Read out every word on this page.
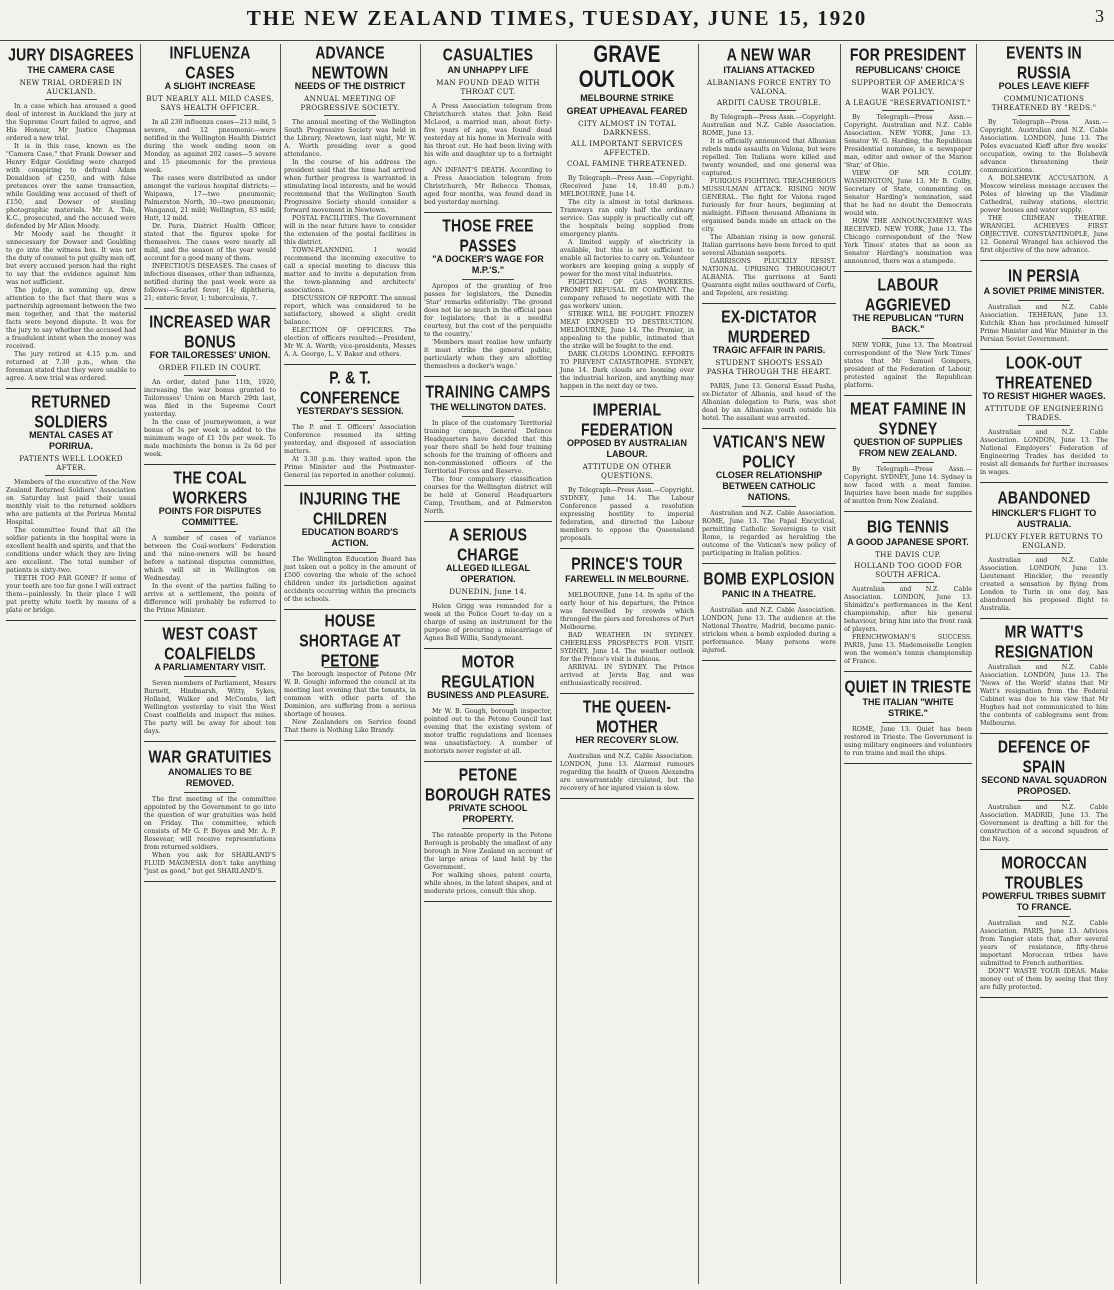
THE NEW ZEALAND TIMES, TUESDAY, JUNE 15, 1920	3
JURY DISAGREES
THE CAMERA CASE
NEW TRIAL ORDERED IN AUCKLAND.

In a case which has aroused a good deal of interest in Auckland the jury at the Supreme Court failed to agree, and His Honour, Mr Justice Chapman ordered a new trial.

It is in this case, known as the "Camera Case," that Frank Dowser and Henry Edgar Goulding were charged with conspiring to defraud Adam Donaldson of £250, and with false pretences over the same transaction, while Goulding was accused of theft of £150, and Dowser of stealing photographic materials. Mr. A. Tole, K.C., prosecuted, and the accused were defended by Mr Allen Moody.

Mr Moody said he thought it unnecessary for Dowser and Goulding to go into the witness box. It was not the duty of counsel to put guilty men off, but every accused person had the right to say that the evidence against him was not sufficient.

The judge, in summing up, drew attention to the fact that there was a partnership agreement between the two men together, and that the material facts were beyond dispute. It was for the jury to say whether the accused had a fraudulent intent when the money was received.

The jury retired at 4.15 p.m. and returned at 7.30 p.m., when the foreman stated that they were unable to agree. A new trial was ordered.

RETURNED SOLDIERS
MENTAL CASES AT PORIRUA.
PATIENTS WELL LOOKED AFTER.

Members of the executive of the New Zealand Returned Soldiers' Association on Saturday last paid their usual monthly visit to the returned soldiers who are patients at the Porirua Mental Hospital.

The committee found that all the soldier patients in the hospital were in excellent health and spirits, and that the conditions under which they are living are excellent. The total number of patients is sixty-two.

TEETH TOO FAR GONE? If some of your teeth are too far gone I will extract them—painlessly. In their place I will put pretty white teeth by means of a plate or bridge.

INFLUENZA CASES
A SLIGHT INCREASE
BUT NEARLY ALL MILD CASES, SAYS HEALTH OFFICER.

In all 230 influenza cases—213 mild, 5 severe, and 12 pneumonic—were notified in the Wellington Health District during the week ending noon on Monday, as against 202 cases—5 severe and 15 pneumonic for the previous week.

The cases were distributed as under amongst the various hospital districts:—Waipawa, 17—two pneumonic; Palmerston North, 30—two pneumonic; Wanganui, 21 mild; Wellington, 83 mild; Hutt, 12 mild.

Dr. Paris, District Health Officer, stated that the figures spoke for themselves. The cases were nearly all mild, and the season of the year would account for a good many of them.

INFECTIOUS DISEASES. The cases of infectious diseases, other than influenza, notified during the past week were as follows:—Scarlet fever, 14; diphtheria, 21; enteric fever, 1; tuberculosis, 7.

INCREASED WAR BONUS
FOR TAILORESSES' UNION.
ORDER FILED IN COURT.

An order, dated June 11th, 1920, increasing the war bonus granted to Tailoresses' Union on March 29th last, was filed in the Supreme Court yesterday.

In the case of journeywomen, a war bonus of 3s per week is added to the minimum wage of £1 10s per week. To male machinists the bonus is 2s 6d per week.

THE COAL WORKERS
POINTS FOR DISPUTES COMMITTEE.

A number of cases of variance between the Coal-workers' Federation and the mine-owners will be heard before a national disputes committee, which will sit in Wellington on Wednesday.

In the event of the parties failing to arrive at a settlement, the points of difference will probably be referred to the Prime Minister.

WEST COAST COALFIELDS
A PARLIAMENTARY VISIT.

Seven members of Parliament, Messrs Burnett, Hindmarsh, Witty, Sykes, Holland, Walker and McCombs, left Wellington yesterday to visit the West Coast coalfields and inspect the mines. The party will be away for about ten days.

WAR GRATUITIES
ANOMALIES TO BE REMOVED.

The first meeting of the committee appointed by the Government to go into the question of war gratuities was held on Friday. The committee, which consists of Mr G. P. Boyes and Mr. A. P. Rosevear, will receive representations from returned soldiers.

When you ask for SHARLAND'S FLUID MAGNESIA don't take anything "just as good," but get SHARLAND'S.

ADVANCE NEWTOWN
NEEDS OF THE DISTRICT
ANNUAL MEETING OF PROGRESSIVE SOCIETY.

The annual meeting of the Wellington South Progressive Society was held in the Library, Newtown, last night, Mr W. A. Worth presiding over a good attendance.

In the course of his address the president said that the time had arrived when further progress is warranted in stimulating local interests, and he would recommend that the Wellington South Progressive Society should consider a forward movement in Newtown.

POSTAL FACILITIES. The Government will in the near future have to consider the extension of the postal facilities in this district.

TOWN-PLANNING. I would recommend the incoming executive to call a special meeting to discuss this matter and to invite a deputation from the town-planning and architects' associations.

DISCUSSION OF REPORT. The annual report, which was considered to be satisfactory, showed a slight credit balance.

ELECTION OF OFFICERS. The election of officers resulted:—President, Mr W. A. Worth; vice-presidents, Messrs A. A. George, L. V. Baker and others.

P. & T. CONFERENCE
YESTERDAY'S SESSION.

The P. and T. Officers' Association Conference resumed its sitting yesterday, and disposed of association matters.

At 3.30 p.m. they waited upon the Prime Minister and the Postmaster-General (as reported in another column).

INJURING THE CHILDREN
EDUCATION BOARD'S ACTION.

The Wellington Education Board has just taken out a policy in the amount of £500 covering the whole of the school children under its jurisdiction against accidents occurring within the precincts of the schools.

HOUSE SHORTAGE AT PETONE

The borough inspector of Petone (Mr W. B. Gough) informed the council at its meeting last evening that the tenants, in common with other parts of the Dominion, are suffering from a serious shortage of houses.

New Zealanders on Service found That there is Nothing Like Brandy.

CASUALTIES
AN UNHAPPY LIFE
MAN FOUND DEAD WITH THROAT CUT.

A Press Association telegram from Christchurch states that John Reid McLeod, a married man, about forty-five years of age, was found dead yesterday at his home in Merivale with his throat cut. He had been living with his wife and daughter up to a fortnight ago.

AN INFANT'S DEATH. According to a Press Association telegram from Christchurch, Mr Rebecca Thomas, aged four months, was found dead in bed yesterday morning.

THOSE FREE PASSES
"A DOCKER'S WAGE FOR M.P.'S."

Apropos of the granting of free passes for legislators, the Dunedin 'Star' remarks editorially: 'The ground does not lie so much in the official pass for legislators; that is a needful courtesy, but the cost of the perquisite to the country.'

'Members must realise how unfairly it must strike the general public, particularly when they are allotting themselves a docker's wage.'

TRAINING CAMPS
THE WELLINGTON DATES.

In place of the customary Territorial training camps, General Defence Headquarters have decided that this year there shall be held four training schools for the training of officers and non-commissioned officers of the Territorial Forces and Reserve.

The four compulsory classification courses for the Wellington district will be held at General Headquarters Camp, Trentham, and at Palmerston North.

A SERIOUS CHARGE
ALLEGED ILLEGAL OPERATION.
DUNEDIN, June 14.

Helen Grigg was remanded for a week at the Police Court to-day on a charge of using an instrument for the purpose of procuring a miscarriage of Agnes Bell Willis, Sandymount.

MOTOR REGULATION
BUSINESS AND PLEASURE.

Mr W. B. Gough, borough inspector, pointed out to the Petone Council last evening that the existing system of motor traffic regulations and licenses was unsatisfactory. A number of motorists never register at all.

PETONE BOROUGH RATES
PRIVATE SCHOOL PROPERTY.

The rateable property in the Petone Borough is probably the smallest of any borough in New Zealand on account of the large areas of land held by the Government.

For walking shoes, patent courts, while shoes, in the latest shapes, and at moderate prices, consult this shop.

GRAVE OUTLOOK
MELBOURNE STRIKE
GREAT UPHEAVAL FEARED
CITY ALMOST IN TOTAL DARKNESS.
ALL IMPORTANT SERVICES AFFECTED.
COAL FAMINE THREATENED.

By Telegraph—Press Assn.—Copyright. (Received June 14, 10.40 p.m.) MELBOURNE, June 14.

The city is almost in total darkness. Tramways ran only half the ordinary service. Gas supply is practically cut off, the hospitals being supplied from emergency plants.

A limited supply of electricity is available, but this is not sufficient to enable all factories to carry on. Volunteer workers are keeping going a supply of power for the most vital industries.

FIGHTING OF GAS WORKERS. PROMPT REFUSAL BY COMPANY. The company refused to negotiate with the gas workers' union.

STRIKE WILL BE FOUGHT. FROZEN MEAT EXPOSED TO DESTRUCTION. MELBOURNE, June 14. The Premier, in appealing to the public, intimated that the strike will be fought to the end.

DARK CLOUDS LOOMING. EFFORTS TO PREVENT CATASTROPHE. SYDNEY, June 14. Dark clouds are looming over the industrial horizon, and anything may happen in the next day or two.

IMPERIAL FEDERATION
OPPOSED BY AUSTRALIAN LABOUR.
ATTITUDE ON OTHER QUESTIONS.

By Telegraph—Press Assn.—Copyright. SYDNEY, June 14. The Labour Conference passed a resolution expressing hostility to imperial federation, and directed the Labour members to oppose the Queensland proposals.

PRINCE'S TOUR
FAREWELL IN MELBOURNE.

MELBOURNE, June 14. In spite of the early hour of his departure, the Prince was farewelled by crowds which thronged the piers and foreshores of Port Melbourne.

BAD WEATHER IN SYDNEY. CHEERLESS PROSPECTS FOR VISIT. SYDNEY, June 14. The weather outlook for the Prince's visit is dubious.

ARRIVAL IN SYDNEY. The Prince arrived at Jervis Bay, and was enthusiastically received.

THE QUEEN-MOTHER
HER RECOVERY SLOW.

Australian and N.Z. Cable Association. LONDON, June 13. Alarmist rumours regarding the health of Queen Alexandra are unwarrantably circulated, but the recovery of her injured vision is slow.

A NEW WAR
ITALIANS ATTACKED
ALBANIANS FORCE ENTRY TO VALONA.
ARDITI CAUSE TROUBLE.

By Telegraph—Press Assn.—Copyright. Australian and N.Z. Cable Association. ROME, June 13.

It is officially announced that Albanian rebels made assaults on Valona, but were repelled. Ten Italians were killed and twenty wounded, and one general was captured.

FURIOUS FIGHTING. TREACHEROUS MUSSULMAN ATTACK. RISING NOW GENERAL. The fight for Valona raged furiously for four hours, beginning at midnight. Fifteen thousand Albanians in organised bands made an attack on the city.

The Albanian rising is now general. Italian garrisons have been forced to quit several Albanian seaports.

GARRISONS PLUCKILY RESIST. NATIONAL UPRISING THROUGHOUT ALBANIA. The garrisons at Santi Quaranta eight miles southward of Corfu, and Tepeleni, are resisting.

EX-DICTATOR MURDERED
TRAGIC AFFAIR IN PARIS.
STUDENT SHOOTS ESSAD PASHA THROUGH THE HEART.

PARIS, June 13. General Essad Pasha, ex-Dictator of Albania, and head of the Albanian delegation to Paris, was shot dead by an Albanian youth outside his hotel. The assailant was arrested.

VATICAN'S NEW POLICY
CLOSER RELATIONSHIP BETWEEN CATHOLIC NATIONS.

Australian and N.Z. Cable Association. ROME, June 13. The Papal Encyclical, permitting Catholic Sovereigns to visit Rome, is regarded as heralding the outcome of the Vatican's new policy of participating in Italian politics.

BOMB EXPLOSION
PANIC IN A THEATRE.

Australian and N.Z. Cable Association. LONDON, June 13. The audience at the National Theatre, Madrid, became panic-stricken when a bomb exploded during a performance. Many persons were injured.

FOR PRESIDENT
REPUBLICANS' CHOICE
SUPPORTER OF AMERICA'S WAR POLICY.
A LEAGUE "RESERVATIONIST."

By Telegraph—Press Assn.—Copyright. Australian and N.Z. Cable Association. NEW YORK, June 13. Senator W. G. Harding, the Republican Presidential nominee, is a newspaper man, editor and owner of the Marion 'Star,' of Ohio.

VIEW OF MR COLBY. WASHINGTON, June 13. Mr B. Colby, Secretary of State, commenting on Senator Harding's nomination, said that he had no doubt the Democrats would win.

HOW THE ANNOUNCEMENT WAS RECEIVED. NEW YORK, June 13. The Chicago correspondent of the 'New York Times' states that as soon as Senator Harding's nomination was announced, there was a stampede.

LABOUR AGGRIEVED
THE REPUBLICAN "TURN BACK."

NEW YORK, June 13. The Montreal correspondent of the 'New York Times' states that Mr Samuel Gompers, president of the Federation of Labour, protested against the Republican platform.

MEAT FAMINE IN SYDNEY
QUESTION OF SUPPLIES FROM NEW ZEALAND.

By Telegraph—Press Assn.—Copyright. SYDNEY, June 14. Sydney is now faced with a meat famine. Inquiries have been made for supplies of mutton from New Zealand.

BIG TENNIS
A GOOD JAPANESE SPORT.
THE DAVIS CUP.
HOLLAND TOO GOOD FOR SOUTH AFRICA.

Australian and N.Z. Cable Association. LONDON, June 13. Shimidzu's performances in the Kent championship, after his general behaviour, bring him into the front rank of players.

FRENCHWOMAN'S SUCCESS. PARIS, June 13. Mademoiselle Lenglen won the women's tennis championship of France.

QUIET IN TRIESTE
THE ITALIAN "WHITE STRIKE."

ROME, June 13. Quiet has been restored in Trieste. The Government is using military engineers and volunteers to run trains and mail the ships.

EVENTS IN RUSSIA
POLES LEAVE KIEFF
COMMUNICATIONS THREATENED BY "REDS."

By Telegraph—Press Assn.—Copyright. Australian and N.Z. Cable Association. LONDON, June 13. The Poles evacuated Kieff after five weeks' occupation, owing to the Bolshevik advance threatening their communications.

A BOLSHEVIK ACCUSATION. A Moscow wireless message accuses the Poles of blowing up the Vladimir Cathedral, railway stations, electric power houses and water supply.

THE CRIMEAN THEATRE. WRANGEL ACHIEVES FIRST OBJECTIVE. CONSTANTINOPLE, June 12. General Wrangel has achieved the first objective of the new advance.

IN PERSIA
A SOVIET PRIME MINISTER.

Australian and N.Z. Cable Association. TEHERAN, June 13. Kutchik Khan has proclaimed himself Prime Minister and War Minister in the Persian Soviet Government.

LOOK-OUT THREATENED
TO RESIST HIGHER WAGES.
ATTITUDE OF ENGINEERING TRADES.

Australian and N.Z. Cable Association. LONDON, June 13. The National Employers' Federation of Engineering Trades has decided to resist all demands for further increases in wages.

ABANDONED
HINCKLER'S FLIGHT TO AUSTRALIA.
PLUCKY FLYER RETURNS TO ENGLAND.

Australian and N.Z. Cable Association. LONDON, June 13. Lieutenant Hinckler, the recently created a sensation by flying from London to Turin in one day, has abandoned his proposed flight to Australia.

MR WATT'S RESIGNATION

Australian and N.Z. Cable Association. LONDON, June 13. The 'News of the World' states that Mr Watt's resignation from the Federal Cabinet was due to his view that Mr Hughes had not communicated to him the contents of cablegrams sent from Melbourne.

DEFENCE OF SPAIN
SECOND NAVAL SQUADRON PROPOSED.

Australian and N.Z. Cable Association. MADRID, June 13. The Government is drafting a bill for the construction of a second squadron of the Navy.

MOROCCAN TROUBLES
POWERFUL TRIBES SUBMIT TO FRANCE.

Australian and N.Z. Cable Association. PARIS, June 13. Advices from Tangier state that, after several years of resistance, fifty-three important Moroccan tribes have submitted to French authorities.

DON'T WASTE YOUR IDEAS. Make money out of them by seeing that they are fully protected.
